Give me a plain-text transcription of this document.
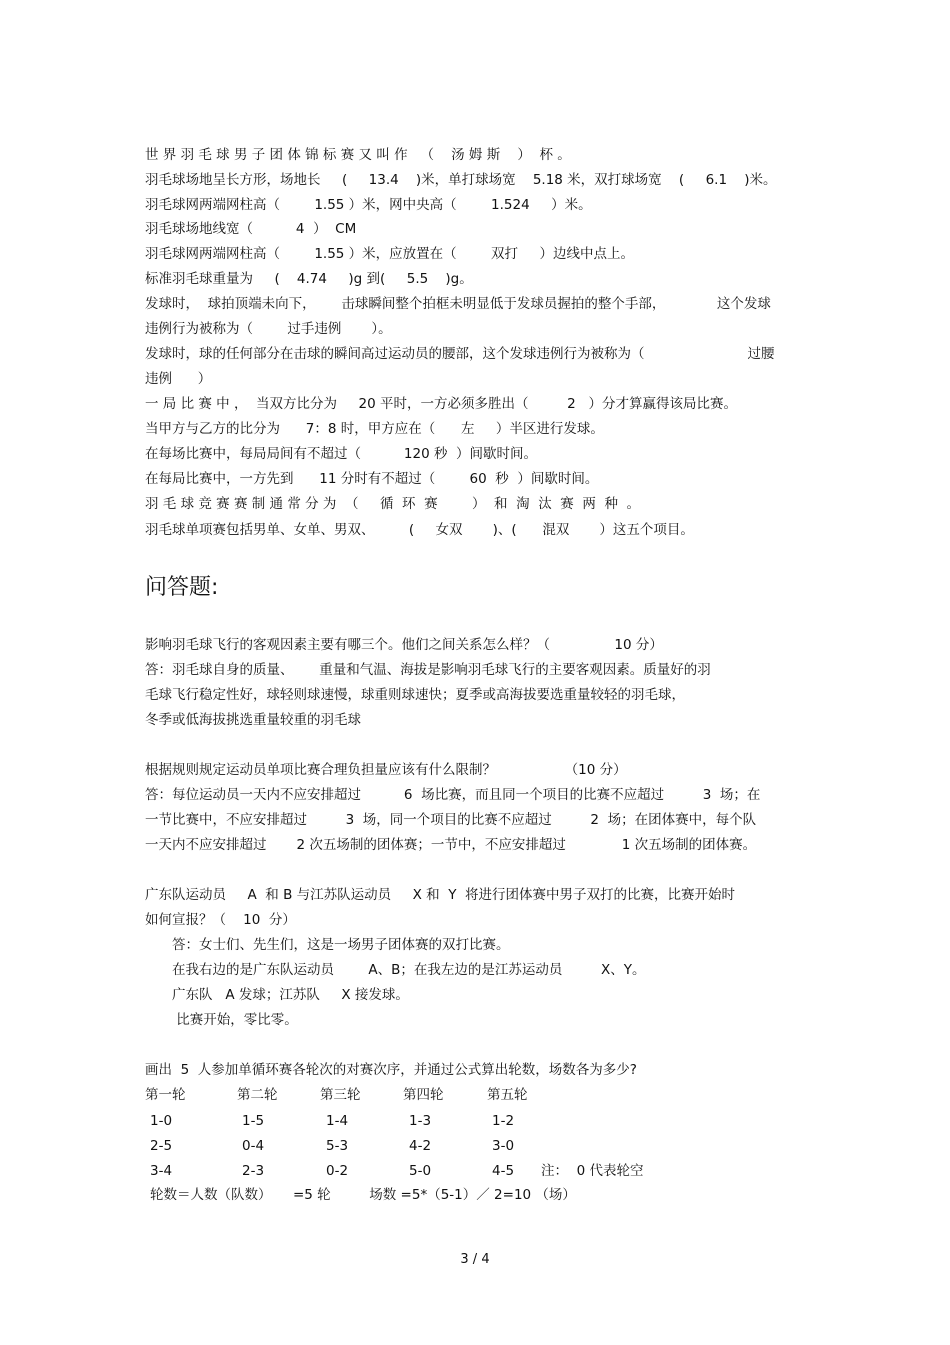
世 界 羽 毛 球 男 子 团 体 锦 标 赛 又 叫 作   （    汤 姆 斯    ）  杯 。
羽毛球场地呈长方形，场地长     (     13.4    )米，单打球场宽    5.18 米，双打球场宽    (     6.1    )米。
羽毛球网两端网柱高（        1.55 ）米，网中央高（        1.524     ）米。
羽毛球场地线宽（          4  ）  CM
羽毛球网两端网柱高（        1.55 ）米，应放置在（        双打     ）边线中点上。
标准羽毛球重量为     (    4.74     )g 到(     5.5    )g。
发球时，  球拍顶端未向下，      击球瞬间整个拍框未明显低于发球员握拍的整个手部，            这个发球
违例行为被称为（        过手违例       ）。
发球时，球的任何部分在击球的瞬间高过运动员的腰部，这个发球违例行为被称为（                        过腰
违例      ）
一 局 比 赛 中 ，  当双方比分为     20 平时，一方必须多胜出（         2   ）分才算赢得该局比赛。
当甲方与乙方的比分为      7：8 时，甲方应在（      左     ）半区进行发球。
在每场比赛中，每局局间有不超过（          120 秒  ）间歇时间。
在每局比赛中，一方先到      11 分时有不超过（        60  秒  ）间歇时间。
羽 毛 球 竞 赛 赛 制 通 常 分 为  （     循  环  赛        ）  和  淘  汰  赛  两  种  。
羽毛球单项赛包括男单、女单、男双、        (     女双       )、(      混双       ）这五个项目。
问答题:
影响羽毛球飞行的客观因素主要有哪三个。他们之间关系怎么样？（               10 分）
答：羽毛球自身的质量、      重量和气温、海拔是影响羽毛球飞行的主要客观因素。质量好的羽
毛球飞行稳定性好，球轻则球速慢，球重则球速快；夏季或高海拔要选重量较轻的羽毛球，
冬季或低海拔挑选重量较重的羽毛球
根据规则规定运动员单项比赛合理负担量应该有什么限制？                （10 分）
答：每位运动员一天内不应安排超过          6  场比赛，而且同一个项目的比赛不应超过         3  场；在
一节比赛中，不应安排超过         3  场，同一个项目的比赛不应超过         2  场；在团体赛中，每个队
一天内不应安排超过       2 次五场制的团体赛；一节中，不应安排超过             1 次五场制的团体赛。
广东队运动员     A  和 B 与江苏队运动员     X 和  Y  将进行团体赛中男子双打的比赛，比赛开始时
如何宣报？（    10  分）
答：女士们、先生们，这是一场男子团体赛的双打比赛。
在我右边的是广东队运动员        A、B；在我左边的是江苏运动员         X、Y。
广东队   A 发球；江苏队     X 接发球。
比赛开始，零比零。
画出  5  人参加单循环赛各轮次的对赛次序，并通过公式算出轮数，场数各为多少?
第一轮	第二轮	第三轮	第四轮	第五轮
1-0	1-5	1-4	1-3	1-2
2-5	0-4	5-3	4-2	3-0
3-4	2-3	0-2	5-0	4-5 注：  0 代表轮空
轮数＝人数（队数）     =5 轮         场数 =5*（5-1）／ 2=10 （场）
3 / 4
